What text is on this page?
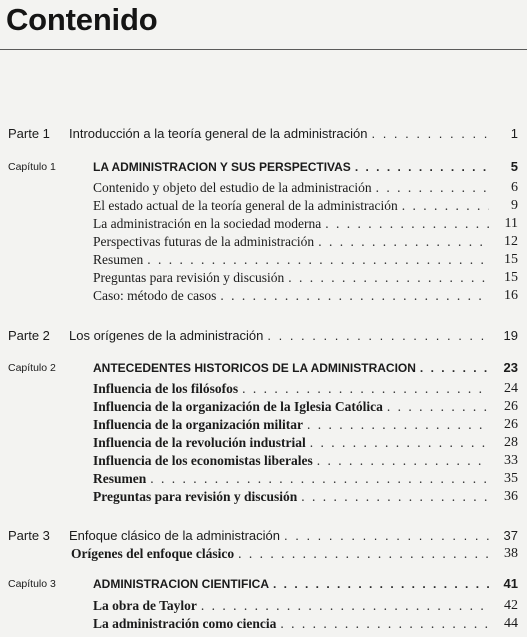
Contenido
Parte 1 Introducción a la teoría general de la administración . . .	1
Capítulo 1	LA ADMINISTRACION Y SUS PERSPECTIVAS . . .	5
Contenido y objeto del estudio de la administración . . .	6
El estado actual de la teoría general de la administración . . .	9
La administración en la sociedad moderna . . .	11
Perspectivas futuras de la administración . . .	12
Resumen . . .	15
Preguntas para revisión y discusión . . .	15
Caso: método de casos . . .	16
Parte 2 Los orígenes de la administración . . .	19
Capítulo 2	ANTECEDENTES HISTORICOS DE LA ADMINISTRACION . . .	23
Influencia de los filósofos . . .	24
Influencia de la organización de la Iglesia Católica . . .	26
Influencia de la organización militar . . .	26
Influencia de la revolución industrial . . .	28
Influencia de los economistas liberales . . .	33
Resumen . . .	35
Preguntas para revisión y discusión . . .	36
Parte 3 Enfoque clásico de la administración . . .	37
Orígenes del enfoque clásico . . .	38
Capítulo 3	ADMINISTRACION CIENTIFICA . . .	41
La obra de Taylor . . .	42
La administración como ciencia . . .	44
